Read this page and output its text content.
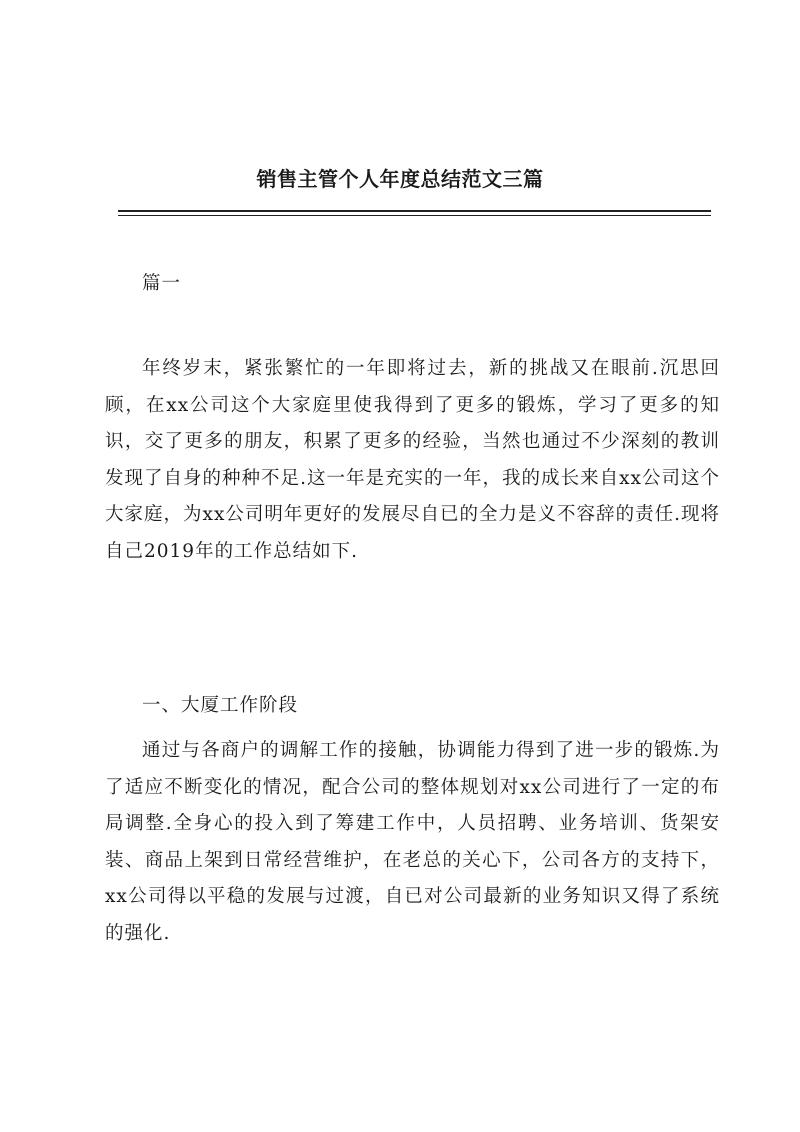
销售主管个人年度总结范文三篇
篇一
年终岁末，紧张繁忙的一年即将过去，新的挑战又在眼前.沉思回顾，在xx公司这个大家庭里使我得到了更多的锻炼，学习了更多的知识，交了更多的朋友，积累了更多的经验，当然也通过不少深刻的教训发现了自身的种种不足.这一年是充实的一年，我的成长来自xx公司这个大家庭，为xx公司明年更好的发展尽自已的全力是义不容辞的责任.现将自己2019年的工作总结如下.
一、大厦工作阶段
通过与各商户的调解工作的接触，协调能力得到了进一步的锻炼.为了适应不断变化的情况，配合公司的整体规划对xx公司进行了一定的布局调整.全身心的投入到了筹建工作中，人员招聘、业务培训、货架安装、商品上架到日常经营维护，在老总的关心下，公司各方的支持下，xx公司得以平稳的发展与过渡，自已对公司最新的业务知识又得了系统的强化.
